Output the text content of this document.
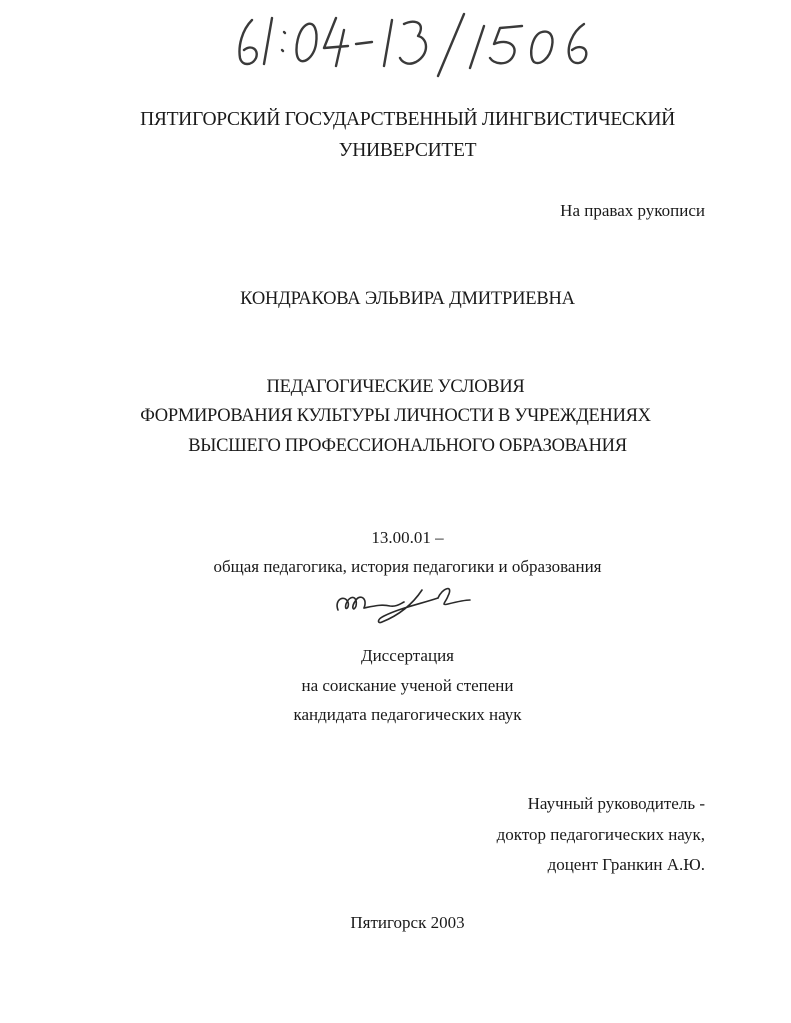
ПЯТИГОРСКИЙ ГОСУДАРСТВЕННЫЙ ЛИНГВИСТИЧЕСКИЙ
УНИВЕРСИТЕТ
На правах рукописи
КОНДРАКОВА ЭЛЬВИРА ДМИТРИЕВНА
ПЕДАГОГИЧЕСКИЕ УСЛОВИЯ
ФОРМИРОВАНИЯ КУЛЬТУРЫ ЛИЧНОСТИ В УЧРЕЖДЕНИЯХ
ВЫСШЕГО ПРОФЕССИОНАЛЬНОГО ОБРАЗОВАНИЯ
13.00.01 –
общая педагогика, история педагогики и образования
Диссертация
на соискание ученой степени
кандидата педагогических наук
Научный руководитель -
доктор педагогических наук,
доцент Гранкин А.Ю.
Пятигорск 2003
